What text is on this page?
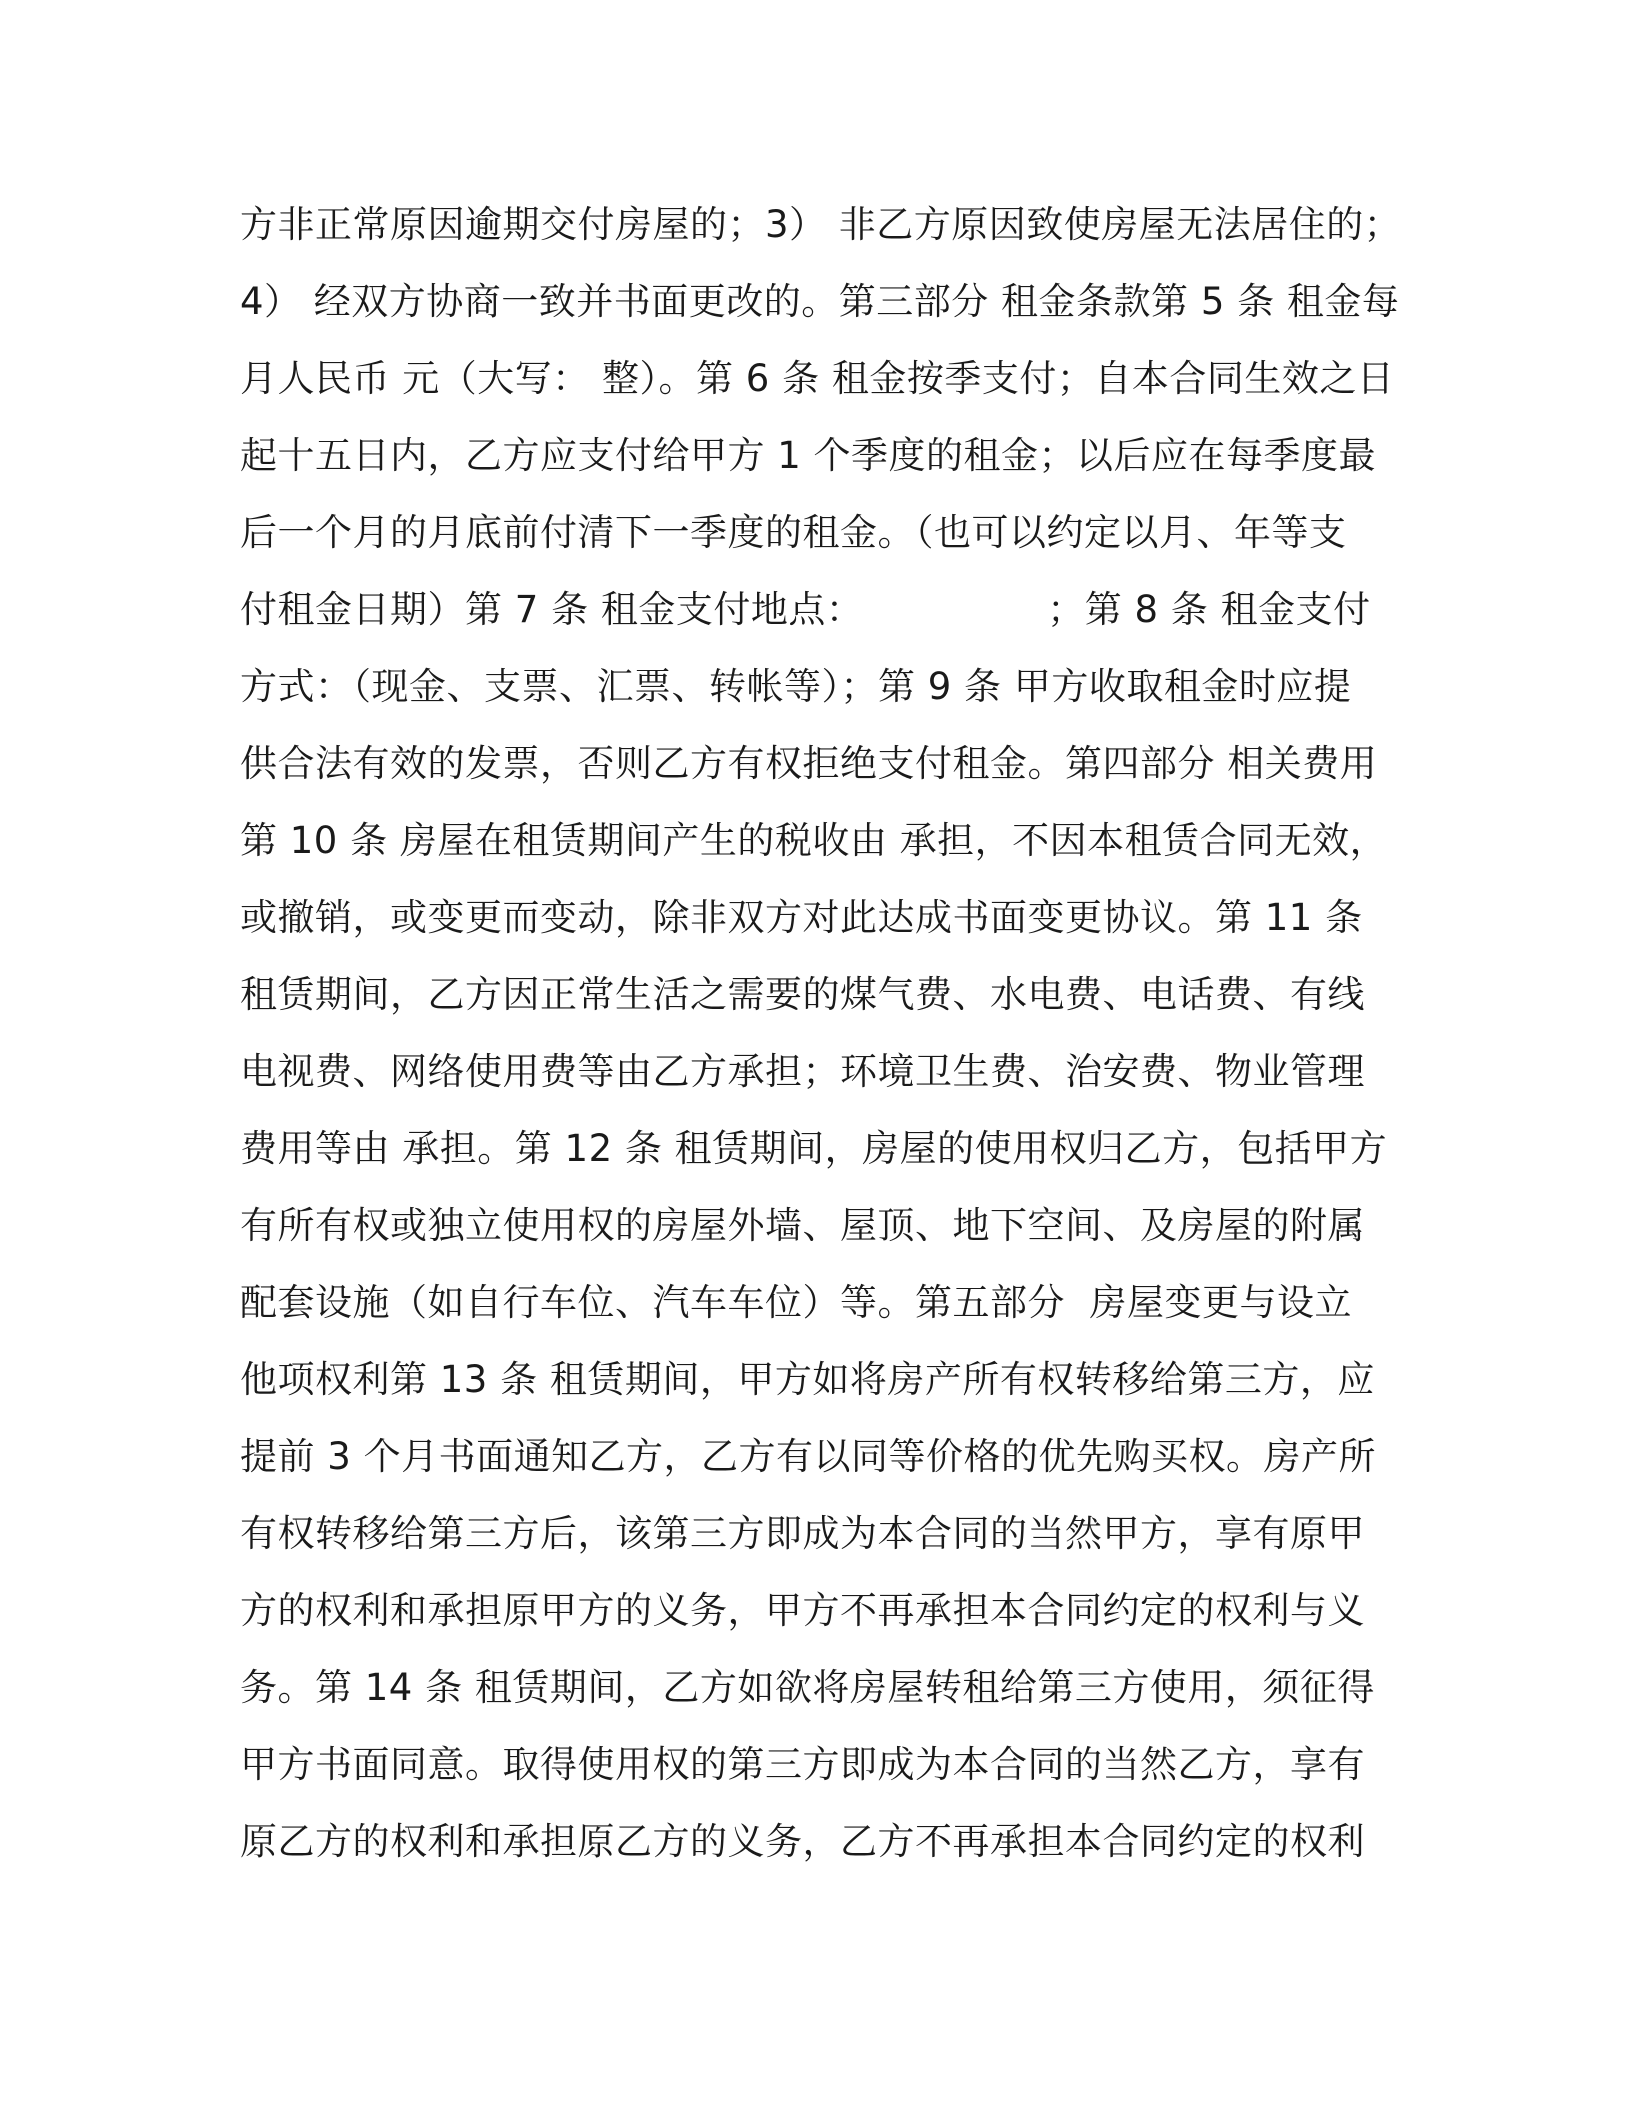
方非正常原因逾期交付房屋的；3） 非乙方原因致使房屋无法居住的；
4） 经双方协商一致并书面更改的。第三部分 租金条款第 5 条 租金每
月人民币 元（大写： 整）。第 6 条 租金按季支付；自本合同生效之日
起十五日内，乙方应支付给甲方 1 个季度的租金；以后应在每季度最
后一个月的月底前付清下一季度的租金。（也可以约定以月、年等支
付租金日期）第 7 条 租金支付地点：               ；第 8 条 租金支付
方式：（现金、支票、汇票、转帐等）；第 9 条 甲方收取租金时应提
供合法有效的发票，否则乙方有权拒绝支付租金。第四部分 相关费用
第 10 条 房屋在租赁期间产生的税收由 承担，不因本租赁合同无效，
或撤销，或变更而变动，除非双方对此达成书面变更协议。第 11 条
租赁期间，乙方因正常生活之需要的煤气费、水电费、电话费、有线
电视费、网络使用费等由乙方承担；环境卫生费、治安费、物业管理
费用等由 承担。第 12 条 租赁期间，房屋的使用权归乙方，包括甲方
有所有权或独立使用权的房屋外墙、屋顶、地下空间、及房屋的附属
配套设施（如自行车位、汽车车位）等。第五部分  房屋变更与设立
他项权利第 13 条 租赁期间，甲方如将房产所有权转移给第三方，应
提前 3 个月书面通知乙方，乙方有以同等价格的优先购买权。房产所
有权转移给第三方后，该第三方即成为本合同的当然甲方，享有原甲
方的权利和承担原甲方的义务，甲方不再承担本合同约定的权利与义
务。第 14 条 租赁期间，乙方如欲将房屋转租给第三方使用，须征得
甲方书面同意。取得使用权的第三方即成为本合同的当然乙方，享有
原乙方的权利和承担原乙方的义务，乙方不再承担本合同约定的权利
